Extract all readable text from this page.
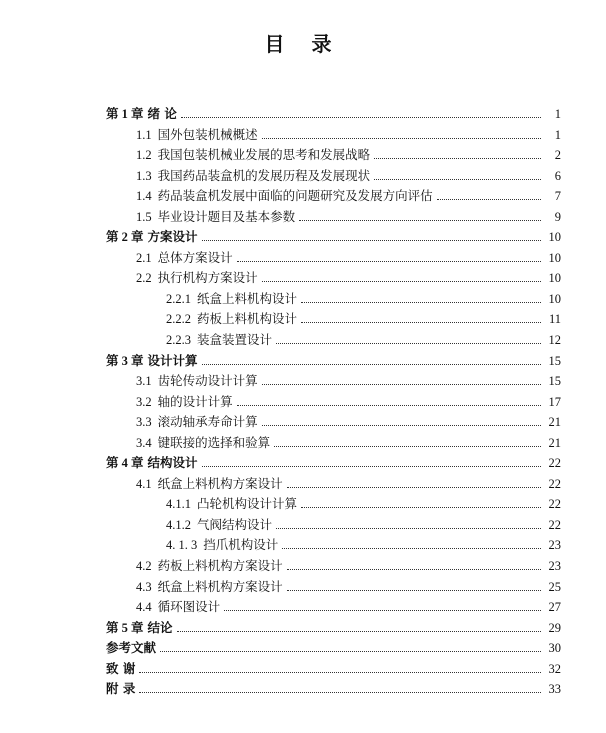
目 录
第 1 章 绪 论	1
1.1 国外包装机械概述	1
1.2 我国包装机械业发展的思考和发展战略	2
1.3 我国药品装盒机的发展历程及发展现状	6
1.4 药品装盒机发展中面临的问题研究及发展方向评估	7
1.5 毕业设计题目及基本参数	9
第 2 章 方案设计	10
2.1 总体方案设计	10
2.2 执行机构方案设计	10
2.2.1 纸盒上料机构设计	10
2.2.2 药板上料机构设计	11
2.2.3 装盒装置设计	12
第 3 章 设计计算	15
3.1 齿轮传动设计计算	15
3.2 轴的设计计算	17
3.3 滚动轴承寿命计算	21
3.4 键联接的选择和验算	21
第 4 章 结构设计	22
4.1 纸盒上料机构方案设计	22
4.1.1 凸轮机构设计计算	22
4.1.2 气阀结构设计	22
4. 1. 3 挡爪机构设计	23
4.2 药板上料机构方案设计	23
4.3 纸盒上料机构方案设计	25
4.4 循环图设计	27
第 5 章 结论	29
参考文献	30
致 谢	32
附 录	33
